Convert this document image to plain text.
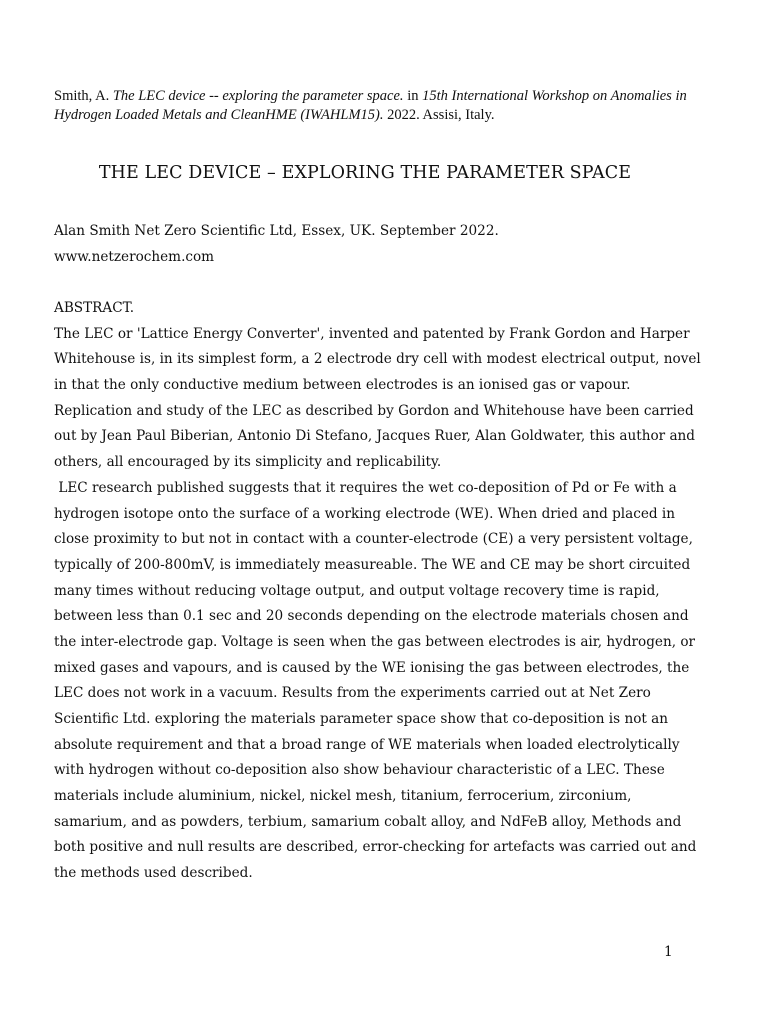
Smith, A. The LEC device -- exploring the parameter space. in 15th International Workshop on Anomalies in Hydrogen Loaded Metals and CleanHME (IWAHLM15). 2022. Assisi, Italy.
THE LEC DEVICE – EXPLORING THE PARAMETER SPACE
Alan Smith Net Zero Scientific Ltd, Essex, UK. September 2022.
www.netzerochem.com
ABSTRACT.
The LEC or 'Lattice Energy Converter', invented and patented by Frank Gordon and Harper
Whitehouse is, in its simplest form, a 2 electrode dry cell with modest electrical output, novel
in that the only conductive medium between electrodes is an ionised gas or vapour.
Replication and study of the LEC as described by Gordon and Whitehouse have been carried
out by Jean Paul Biberian, Antonio Di Stefano, Jacques Ruer, Alan Goldwater, this author and
others, all encouraged by its simplicity and replicability.
LEC research published suggests that it requires the wet co-deposition of Pd or Fe with a
hydrogen isotope onto the surface of a working electrode (WE). When dried and placed in
close proximity to but not in contact with a counter-electrode (CE) a very persistent voltage,
typically of 200-800mV, is immediately measureable. The WE and CE may be short circuited
many times without reducing voltage output, and output voltage recovery time is rapid,
between less than 0.1 sec and 20 seconds depending on the electrode materials chosen and
the inter-electrode gap. Voltage is seen when the gas between electrodes is air, hydrogen, or
mixed gases and vapours, and is caused by the WE ionising the gas between electrodes, the
LEC does not work in a vacuum. Results from the experiments carried out at Net Zero
Scientific Ltd. exploring the materials parameter space show that co-deposition is not an
absolute requirement and that a broad range of WE materials when loaded electrolytically
with hydrogen without co-deposition also show behaviour characteristic of a LEC. These
materials include aluminium, nickel, nickel mesh, titanium, ferrocerium, zirconium,
samarium, and as powders, terbium, samarium cobalt alloy, and NdFeB alloy, Methods and
both positive and null results are described, error-checking for artefacts was carried out and
the methods used described.
1
